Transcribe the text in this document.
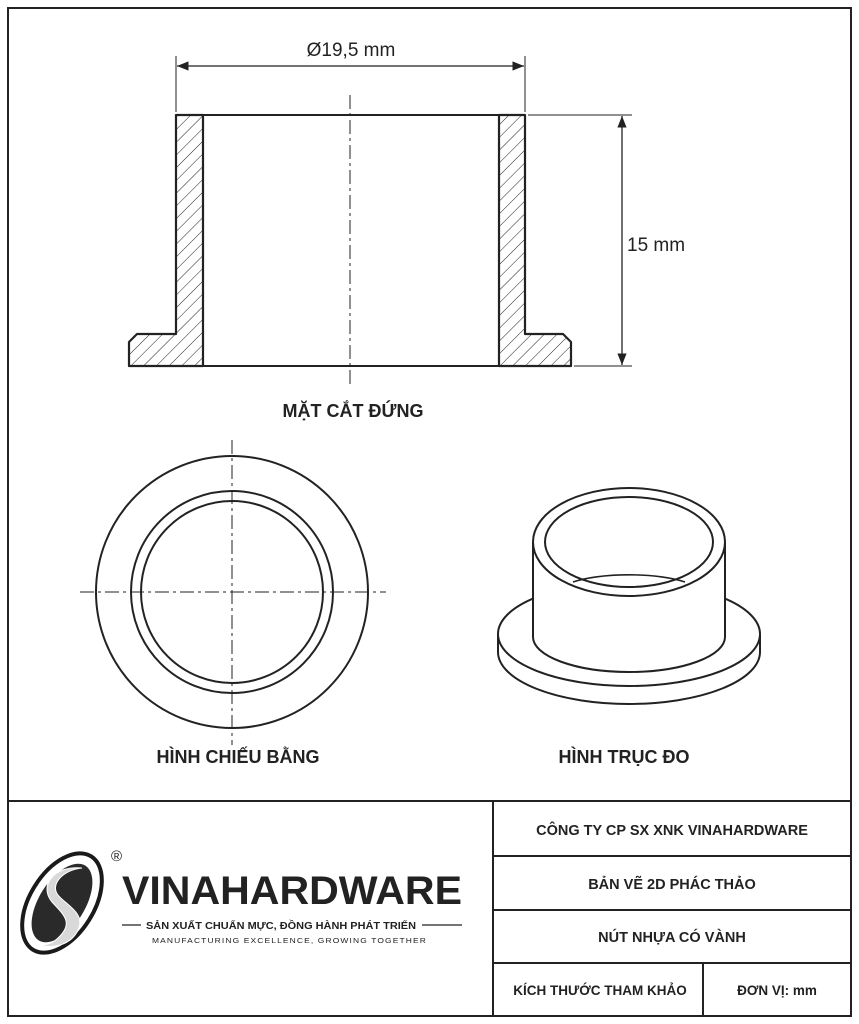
Ø19,5 mm
15 mm
MẶT CẮT ĐỨNG
HÌNH CHIẾU BẰNG	HÌNH TRỤC ĐO
CÔNG TY CP SX XNK VINAHARDWARE
BẢN VẼ 2D PHÁC THẢO
NÚT NHỰA CÓ VÀNH
KÍCH THƯỚC THAM KHẢO	ĐƠN VỊ: mm
®
VINAHARDWARE
SẢN XUẤT CHUẨN MỰC, ĐỒNG HÀNH PHÁT TRIỂN
MANUFACTURING EXCELLENCE, GROWING TOGETHER
